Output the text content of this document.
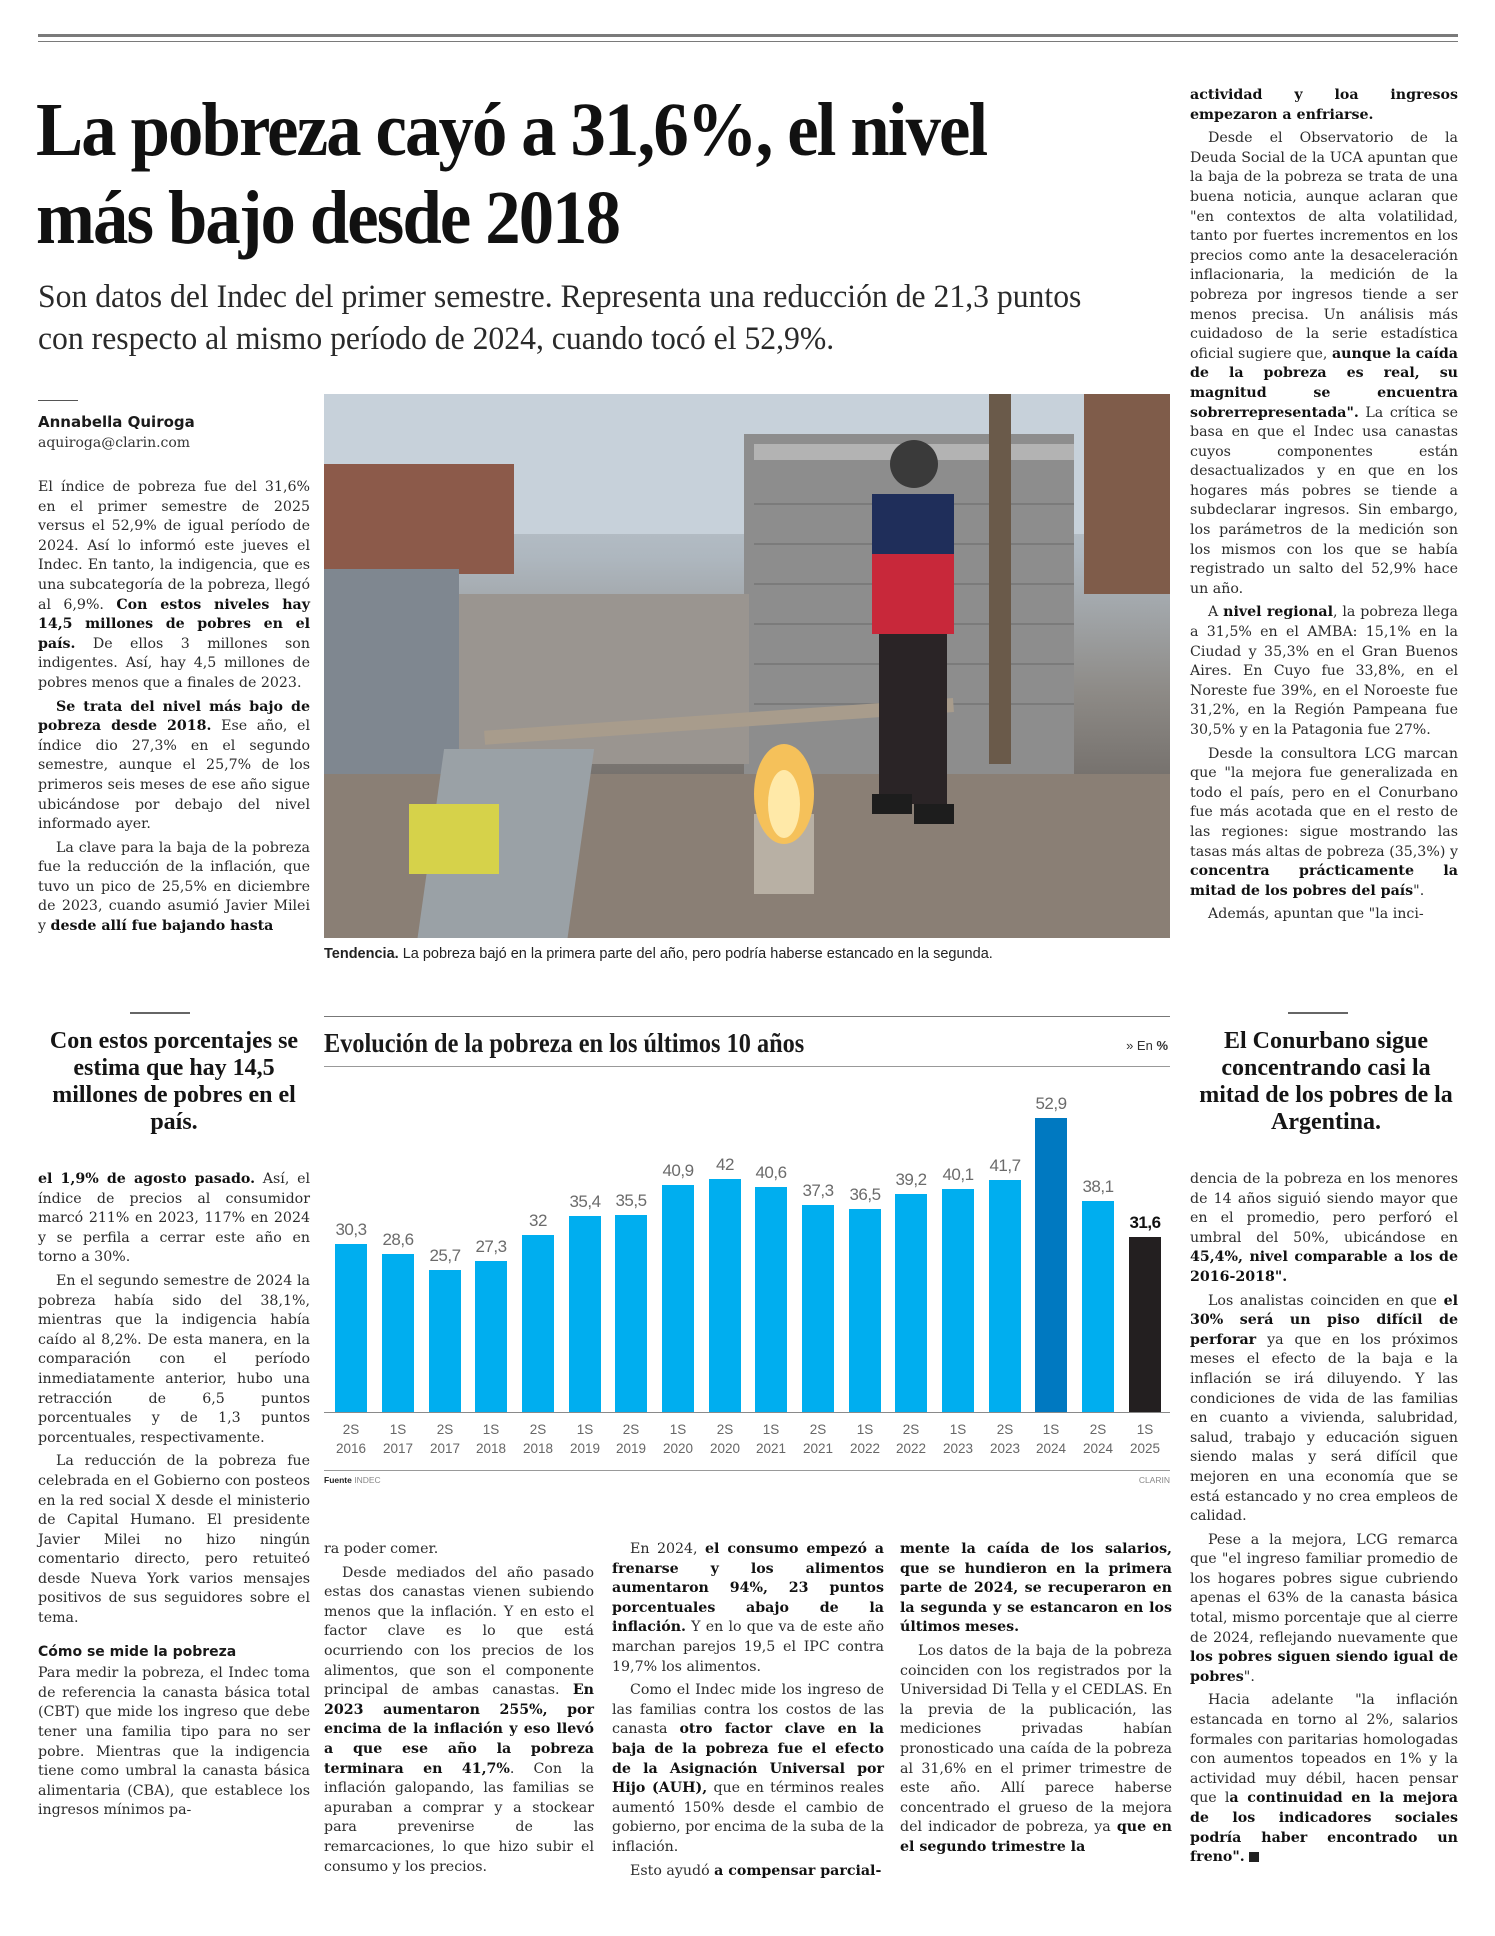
La pobreza cayó a 31,6%, el nivel más bajo desde 2018
Son datos del Indec del primer semestre. Representa una reducción de 21,3 puntos con respecto al mismo período de 2024, cuando tocó el 52,9%.
Annabella Quiroga
aquiroga@clarin.com

El índice de pobreza fue del 31,6% en el primer semestre de 2025 versus el 52,9% de igual período de 2024. Así lo informó este jueves el Indec. En tanto, la indigencia, que es una subcategoría de la pobreza, llegó al 6,9%. Con estos niveles hay 14,5 millones de pobres en el país. De ellos 3 millones son indigentes. Así, hay 4,5 millones de pobres menos que a finales de 2023.

Se trata del nivel más bajo de pobreza desde 2018. Ese año, el índice dio 27,3% en el segundo semestre, aunque el 25,7% de los primeros seis meses de ese año sigue ubicándose por debajo del nivel informado ayer.

La clave para la baja de la pobreza fue la reducción de la inflación, que tuvo un pico de 25,5% en diciembre de 2023, cuando asumió Javier Milei y desde allí fue bajando hasta

Tendencia. La pobreza bajó en la primera parte del año, pero podría haberse estancado en la segunda.

actividad y loa ingresos empezaron a enfriarse.

Desde el Observatorio de la Deuda Social de la UCA apuntan que la baja de la pobreza se trata de una buena noticia, aunque aclaran que "en contextos de alta volatilidad, tanto por fuertes incrementos en los precios como ante la desaceleración inflacionaria, la medición de la pobreza por ingresos tiende a ser menos precisa. Un análisis más cuidadoso de la serie estadística oficial sugiere que, aunque la caída de la pobreza es real, su magnitud se encuentra sobrerrepresentada". La crítica se basa en que el Indec usa canastas cuyos componentes están desactualizados y en que en los hogares más pobres se tiende a subdeclarar ingresos. Sin embargo, los parámetros de la medición son los mismos con los que se había registrado un salto del 52,9% hace un año.

A nivel regional, la pobreza llega a 31,5% en el AMBA: 15,1% en la Ciudad y 35,3% en el Gran Buenos Aires. En Cuyo fue 33,8%, en el Noreste fue 39%, en el Noroeste fue 31,2%, en la Región Pampeana fue 30,5% y en la Patagonia fue 27%.

Desde la consultora LCG marcan que "la mejora fue generalizada en todo el país, pero en el Conurbano fue más acotada que en el resto de las regiones: sigue mostrando las tasas más altas de pobreza (35,3%) y concentra prácticamente la mitad de los pobres del país".

Además, apuntan que "la inci-

Con estos porcentajes se estima que hay 14,5 millones de pobres en el país.
El Conurbano sigue concentrando casi la mitad de los pobres de la Argentina.
Evolución de la pobreza en los últimos 10 años	» En %
30,3
28,6
25,7 27,3
32
35,4 35,5
40,9	42	40,6
37,3 36,5
39,2 40,1 41,7
52,9
38,1
31,6
2S
2016
1S
2017
2S
2017
1S
2018
2S
2018
1S
2019
2S
2019
1S
2020
2S
2020
1S
2021
2S
2021
1S
2022
2S
2022
1S
2023
2S
2023
1S
2024
2S
2024
1S
2025
Fuente INDEC	CLARIN

el 1,9% de agosto pasado. Así, el índice de precios al consumidor marcó 211% en 2023, 117% en 2024 y se perfila a cerrar este año en torno a 30%.

En el segundo semestre de 2024 la pobreza había sido del 38,1%, mientras que la indigencia había caído al 8,2%. De esta manera, en la comparación con el período inmediatamente anterior, hubo una retracción de 6,5 puntos porcentuales y de 1,3 puntos porcentuales, respectivamente.

La reducción de la pobreza fue celebrada en el Gobierno con posteos en la red social X desde el ministerio de Capital Humano. El presidente Javier Milei no hizo ningún comentario directo, pero retuiteó desde Nueva York varios mensajes positivos de sus seguidores sobre el tema.

Cómo se mide la pobreza

Para medir la pobreza, el Indec toma de referencia la canasta básica total (CBT) que mide los ingreso que debe tener una familia tipo para no ser pobre. Mientras que la indigencia tiene como umbral la canasta básica alimentaria (CBA), que establece los ingresos mínimos pa-

ra poder comer.

Desde mediados del año pasado estas dos canastas vienen subiendo menos que la inflación. Y en esto el factor clave es lo que está ocurriendo con los precios de los alimentos, que son el componente principal de ambas canastas. En 2023 aumentaron 255%, por encima de la inflación y eso llevó a que ese año la pobreza terminara en 41,7%. Con la inflación galopando, las familias se apuraban a comprar y a stockear para prevenirse de las remarcaciones, lo que hizo subir el consumo y los precios.

En 2024, el consumo empezó a frenarse y los alimentos aumentaron 94%, 23 puntos porcentuales abajo de la inflación. Y en lo que va de este año marchan parejos 19,5 el IPC contra 19,7% los alimentos.

Como el Indec mide los ingreso de las familias contra los costos de las canasta otro factor clave en la baja de la pobreza fue el efecto de la Asignación Universal por Hijo (AUH), que en términos reales aumentó 150% desde el cambio de gobierno, por encima de la suba de la inflación.

Esto ayudó a compensar parcial-

mente la caída de los salarios, que se hundieron en la primera parte de 2024, se recuperaron en la segunda y se estancaron en los últimos meses.

Los datos de la baja de la pobreza coinciden con los registrados por la Universidad Di Tella y el CEDLAS. En la previa de la publicación, las mediciones privadas habían pronosticado una caída de la pobreza al 31,6% en el primer trimestre de este año. Allí parece haberse concentrado el grueso de la mejora del indicador de pobreza, ya que en el segundo trimestre la

dencia de la pobreza en los menores de 14 años siguió siendo mayor que en el promedio, pero perforó el umbral del 50%, ubicándose en 45,4%, nivel comparable a los de 2016-2018".

Los analistas coinciden en que el 30% será un piso difícil de perforar ya que en los próximos meses el efecto de la baja e la inflación se irá diluyendo. Y las condiciones de vida de las familias en cuanto a vivienda, salubridad, salud, trabajo y educación siguen siendo malas y será difícil que mejoren en una economía que se está estancado y no crea empleos de calidad.

Pese a la mejora, LCG remarca que "el ingreso familiar promedio de los hogares pobres sigue cubriendo apenas el 63% de la canasta básica total, mismo porcentaje que al cierre de 2024, reflejando nuevamente que los pobres siguen siendo igual de pobres".

Hacia adelante "la inflación estancada en torno al 2%, salarios formales con paritarias homologadas con aumentos topeados en 1% y la actividad muy débil, hacen pensar que la continuidad en la mejora de los indicadores sociales podría haber encontrado un freno".
